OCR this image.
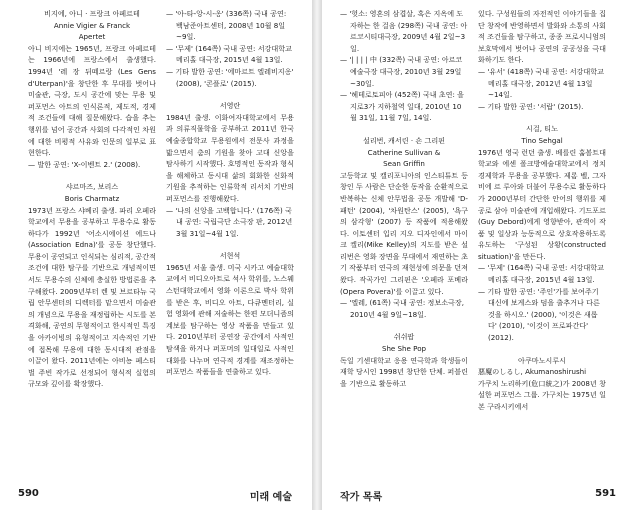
비지에, 아니 · 프랑크 아페르테
Annie Vigier & Franck
Apertet
아니 비지에는 1965년, 프랑크 아페르테는 1966년에 프랑스에서 출생했다. 1994년 '레 장 뒤떼르랑 (Les Gens d'Uterpan)'을 창단한 후 무대를 벗어나 미술관, 극장, 도시 공간에 맞는 무용 및 퍼포먼스 아트의 인식론적, 제도적, 경제적 조건들에 대해 질문해왔다. 습을 추는 행위를 넘어 공간과 사회의 다각적인 차원에 대한 비평적 사유와 인문의 일부로 표현한다.
— 발한 공연: 'X-이벤트 2.' (2008).
샤르마즈, 보리스
Boris Charmatz
1973년 프랑스 샤베리 출생. 파리 오페라 학교에서 무용을 공부하고 무용수로 활동하다가 1992년 '어소시에이션 에드나(Association Edna)'를 공동 창단했다. 무용이 공연되고 인식되는 심리적, 공간적 조건에 대한 탐구를 기반으로 개념적이면서도 무용수의 신체에 충실한 방법론을 추구해왔다. 2009년부터 렌 및 브르타뉴 국립 안무센터의 디렉터를 맡으면서 미술관의 개념으로 무용을 재정립하는 시도를 본격화해, 공연의 무형적이고 한시적인 특징을 아카이빙의 유형적이고 지속적인 기반에 접목해 무용에 대한 동시대적 관점을 이끌어 왔다. 2011년에는 아비뇽 페스티벌 주빈 작가로 선정되어 형식적 실험의 규모와 깊이를 확장했다.
— '아-타-앙-시-옹' (336쪽) 국내 공연: 백남준아트센터, 2008년 10월 8일~9일.
— '무제' (164쪽) 국내 공연: 서강대학교 메리홀 대극장, 2015년 4월 13일.
— 기타 발한 공연: '에마르트 엘레비지옹' (2008), '콘플로' (2015).
서영란
1984년 출생. 이화여자대학교에서 무용과 의류직물학을 공부하고 2011년 한국예술종합학교 무용원에서 전문사 과정을 밟으면서 춤의 기원을 찾아 고대 신앙을 탐사하기 시작했다. 호명적인 동작과 형식을 해체하고 동시대 삶의 회화한 신화적 기원을 추적하는 인류학적 리서치 기반의 퍼포먼스를 진행해왔다.
— '나의 신앙을 고백합니다.' (176쪽) 국내 공연: 국립극단 소극장 판, 2012년 3월 31일~4월 1일.
서현석
1965년 서울 출생. 미국 시카고 예술대학교에서 비디오아트로 석사 학위를, 노스웨스턴대학교에서 영화 이론으로 박사 학위를 받은 후, 비디오 아트, 다큐멘터리, 실험 영화에 관해 저술하는 한편 모더니즘의 계보를 탐구하는 영상 작품을 만들고 있다. 2010년부터 공연장 공간에서 사적인 탐색을 하거나 퍼포머의 일대일로 사적인 대화를 나누며 연극적 경계를 재조정하는 퍼포먼스 작품들을 연출하고 있다.
590	미래 예술
— '헛소: 영혼의 삼겹살, 혹은 지옥에 도자하는 한 걸음 (298쪽) 국내 공연: 아르코시티대극장, 2009년 4월 2일~3일.
— '| | | | 中 (332쪽) 국내 공연: 아르코예술극장 대극장, 2010년 3월 29일~30일.
— '헤테로토피아 (452쪽) 국내 초연: 을지로3가 지하철역 일대, 2010년 10월 31일, 11월 7일, 14일.
설리번, 캐서린 · 숀 그리핀
Catherine Sullivan &
Sean Griffin
고등학교 및 캘리포니아의 인스티튜트 등 창인 두 사람은 단순한 동작을 순환적으로 반복하는 신체 안무법을 공동 개발해 'D-패턴' (2004), '차원탄스' (2005), '욕구의 삼각형' (2007) 등 작품에 적용해왔다. 이토센터 입리 지오 디자인에서 마이크 켈리(Mike Kelley)의 지도를 받은 설리번은 영화 장면을 무대에서 재연하는 초기 작품부터 연극의 재현성에 의문을 던져왔다. 작곡가인 그리핀은 '오페라 포베라(Opera Povera)'를 이끌고 있다.
— '엘레, (61쪽) 국내 공연: 정보소극장, 2010년 4월 9일~18일.
쉬쉬팝
She She Pop
독일 기센대학교 응용 연극학과 학생들이 재학 당시인 1998년 창단한 단체. 퍼블린을 기반으로 활동하고
있다. 구성원들의 자전적인 이야기들을 집단 창작에 반영하면서 발화와 소통의 사회적 조건들을 탐구하고, 종종 프로시니엄의 보호막에서 벗어나 공연의 공공성을 극대화하기도 한다.
— '유서' (418쪽) 국내 공연: 서강대학교 메리홀 대극장, 2012년 4월 13일~14일.
— 기타 발한 공연: '서랍' (2015).
시걸, 티노
Tino Sehgal
1976년 영국 런던 출생. 베를린 훔볼트대학교와 에센 폴크방예술대학교에서 정치경제학과 무용을 공부했다. 제롬 벨, 그자비에 르 루아와 더불어 무용수로 활동하다가 2000년부터 간단한 안어의 행위를 제공로 삼아 미술관에 개입해왔다. 기드포르(Guy Debord)에게 영향받아, 관객이 작품 및 일상과 능동적으로 상호작용하도록 유도하는 '구성된 상황(constructed situation)'을 만든다.
— '무제' (164쪽) 국내 공연: 서강대학교 메리홀 대극장, 2015년 4월 13일.
— 기타 발한 공연: '주인'가를 보여주기 대신에 보게스와 덤을 출추거나 다른 것을 하시오.' (2000), '이것은 새롭다' (2010), '이것이 프로파간다' (2012).
아쿠마노시루시
悪魔のしるし, Akumanoshirushi
가쿠치 노리하키(危口統之)가 2008년 창설한 퍼포먼스 그룹. 가구치는 1975년 일본 구라시키에서
작가 목록	591
